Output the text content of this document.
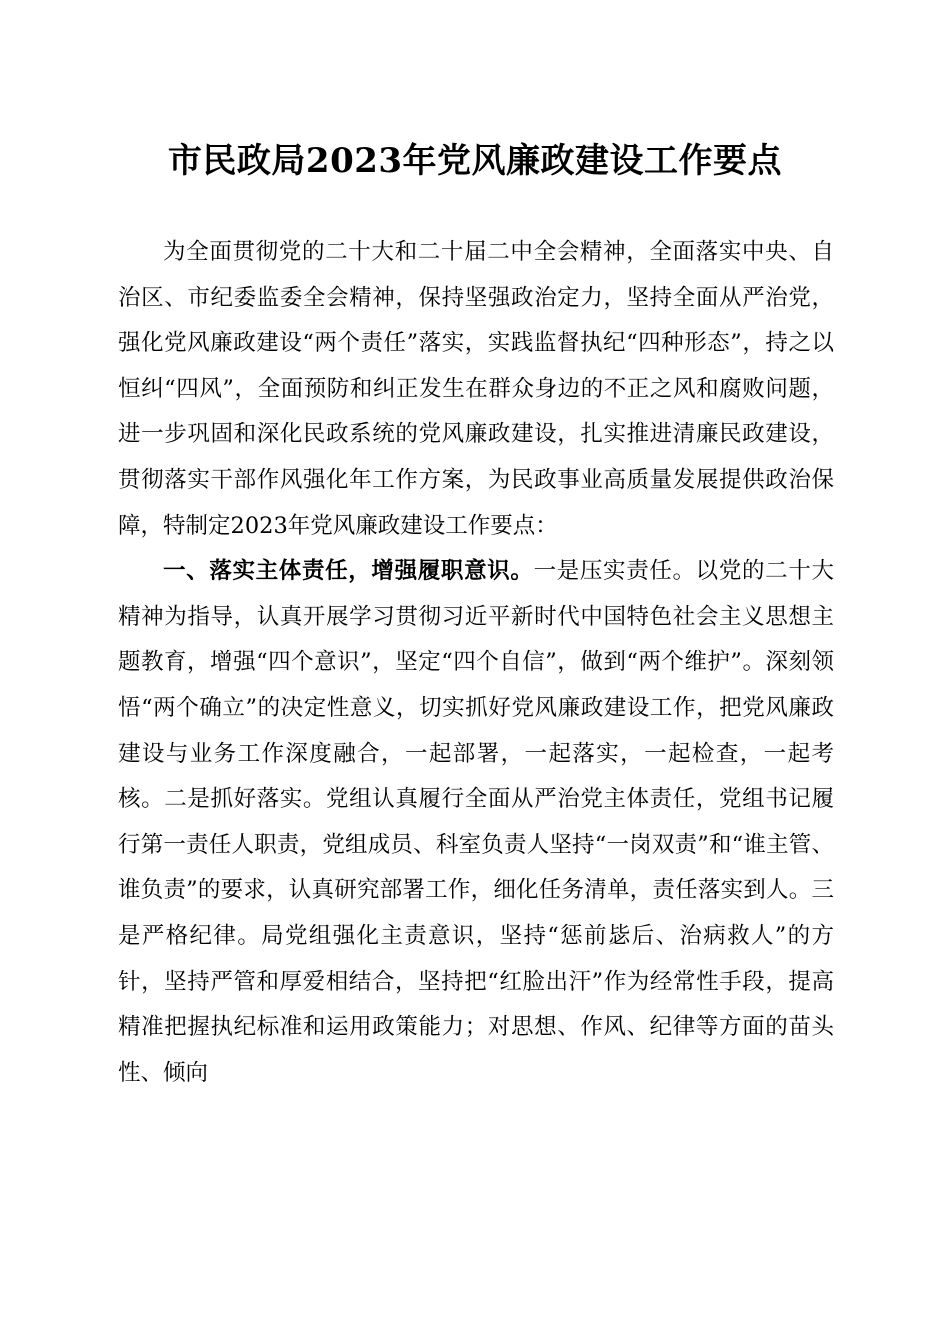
市民政局2023年党风廉政建设工作要点

为全面贯彻党的二十大和二十届二中全会精神，全面落实中央、自治区、市纪委监委全会精神，保持坚强政治定力，坚持全面从严治党，强化党风廉政建设“两个责任”落实，实践监督执纪“四种形态”，持之以恒纠“四风”，全面预防和纠正发生在群众身边的不正之风和腐败问题，进一步巩固和深化民政系统的党风廉政建设，扎实推进清廉民政建设，贯彻落实干部作风强化年工作方案，为民政事业高质量发展提供政治保障，特制定2023年党风廉政建设工作要点：

一、落实主体责任，增强履职意识。一是压实责任。以党的二十大精神为指导，认真开展学习贯彻习近平新时代中国特色社会主义思想主题教育，增强“四个意识”，坚定“四个自信”，做到“两个维护”。深刻领悟“两个确立”的决定性意义，切实抓好党风廉政建设工作，把党风廉政建设与业务工作深度融合，一起部署，一起落实，一起检查，一起考核。二是抓好落实。党组认真履行全面从严治党主体责任，党组书记履行第一责任人职责，党组成员、科室负责人坚持“一岗双责”和“谁主管、谁负责”的要求，认真研究部署工作，细化任务清单，责任落实到人。三是严格纪律。局党组强化主责意识，坚持“惩前毖后、治病救人”的方针，坚持严管和厚爱相结合，坚持把“红脸出汗”作为经常性手段，提高精准把握执纪标准和运用政策能力；对思想、作风、纪律等方面的苗头性、倾向
